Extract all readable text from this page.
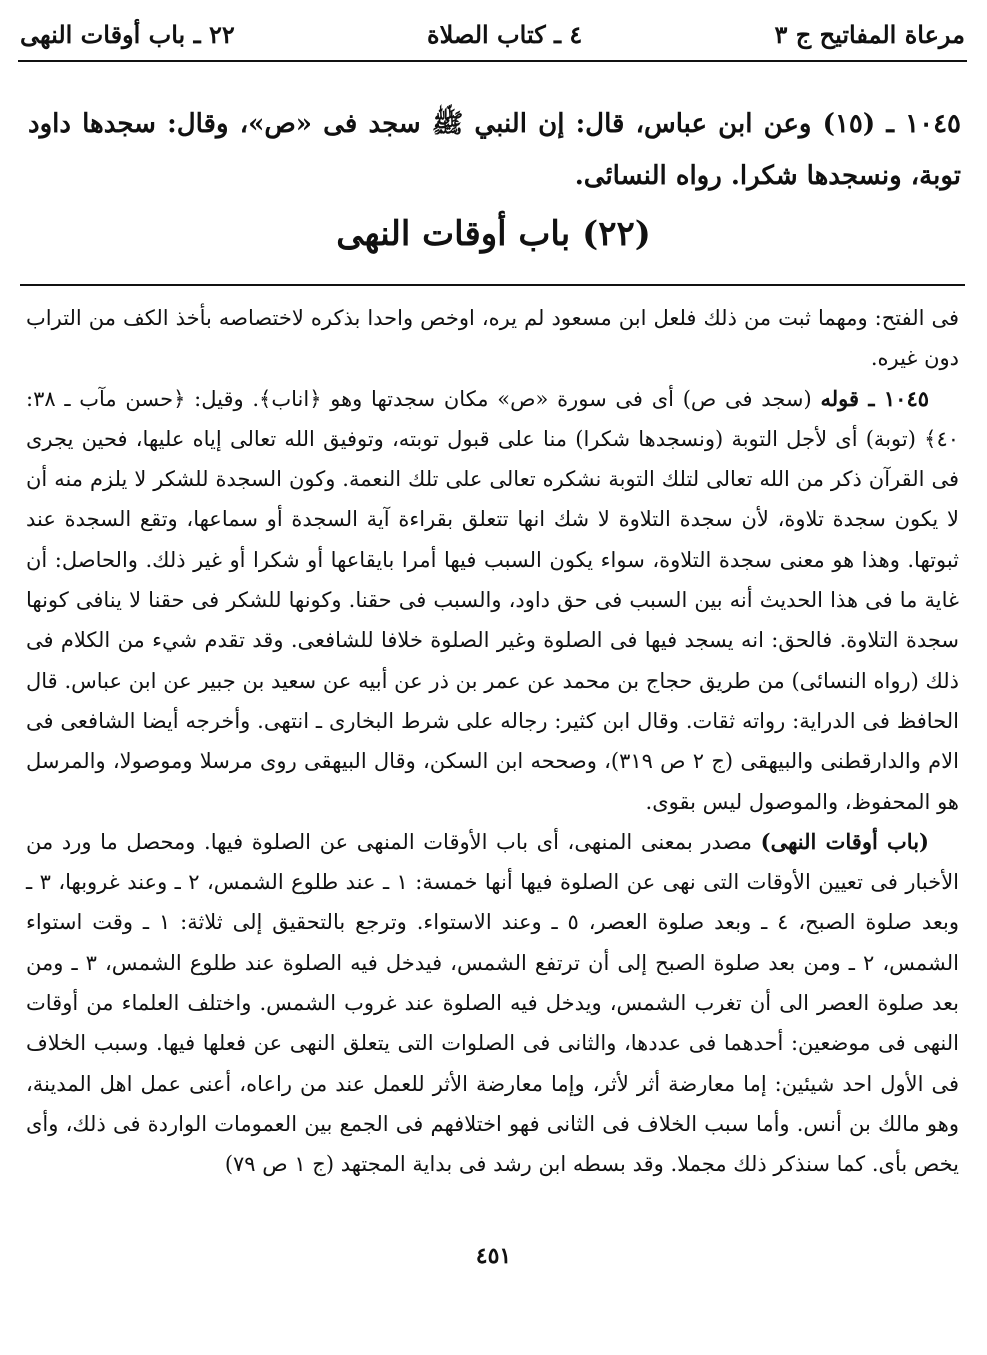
مرعاة المفاتيح ج ٣
٤ ـ كتاب الصلاة
٢٢ ـ باب أوقات النهى
١٠٤٥ ـ (١٥) وعن ابن عباس، قال: إن النبي ﷺ سجد فى «ص»، وقال: سجدها داود توبة، ونسجدها شكرا. رواه النسائى.
(٢٢) باب أوقات النهى

فى الفتح: ومهما ثبت من ذلك فلعل ابن مسعود لم يره، اوخص واحدا بذكره لاختصاصه بأخذ الكف من التراب دون غيره.

١٠٤٥ ـ قوله (سجد فى ص) أى فى سورة «ص» مكان سجدتها وهو ﴿اناب﴾. وقيل: ﴿حسن مآب ـ ٣٨: ٤٠﴾ (توبة) أى لأجل التوبة (ونسجدها شكرا) منا على قبول توبته، وتوفيق الله تعالى إياه عليها، فحين يجرى فى القرآن ذكر من الله تعالى لتلك التوبة نشكره تعالى على تلك النعمة. وكون السجدة للشكر لا يلزم منه أن لا يكون سجدة تلاوة، لأن سجدة التلاوة لا شك انها تتعلق بقراءة آية السجدة أو سماعها، وتقع السجدة عند ثبوتها. وهذا هو معنى سجدة التلاوة، سواء يكون السبب فيها أمرا بايقاعها أو شكرا أو غير ذلك. والحاصل: أن غاية ما فى هذا الحديث أنه بين السبب فى حق داود، والسبب فى حقنا. وكونها للشكر فى حقنا لا ينافى كونها سجدة التلاوة. فالحق: انه يسجد فيها فى الصلوة وغير الصلوة خلافا للشافعى. وقد تقدم شيء من الكلام فى ذلك (رواه النسائى) من طريق حجاج بن محمد عن عمر بن ذر عن أبيه عن سعيد بن جبير عن ابن عباس. قال الحافظ فى الدراية: رواته ثقات. وقال ابن كثير: رجاله على شرط البخارى ـ انتهى. وأخرجه أيضا الشافعى فى الام والدارقطنى والبيهقى (ج ٢ ص ٣١٩)، وصححه ابن السكن، وقال البيهقى روى مرسلا وموصولا، والمرسل هو المحفوظ، والموصول ليس بقوى.

(باب أوقات النهى) مصدر بمعنى المنهى، أى باب الأوقات المنهى عن الصلوة فيها. ومحصل ما ورد من الأخبار فى تعيين الأوقات التى نهى عن الصلوة فيها أنها خمسة: ١ ـ عند طلوع الشمس، ٢ ـ وعند غروبها، ٣ ـ وبعد صلوة الصبح، ٤ ـ وبعد صلوة العصر، ٥ ـ وعند الاستواء. وترجع بالتحقيق إلى ثلاثة: ١ ـ وقت استواء الشمس، ٢ ـ ومن بعد صلوة الصبح إلى أن ترتفع الشمس، فيدخل فيه الصلوة عند طلوع الشمس، ٣ ـ ومن بعد صلوة العصر الى أن تغرب الشمس، ويدخل فيه الصلوة عند غروب الشمس. واختلف العلماء من أوقات النهى فى موضعين: أحدهما فى عددها، والثانى فى الصلوات التى يتعلق النهى عن فعلها فيها. وسبب الخلاف فى الأول احد شيئين: إما معارضة أثر لأثر، وإما معارضة الأثر للعمل عند من راعاه، أعنى عمل اهل المدينة، وهو مالك بن أنس. وأما سبب الخلاف فى الثانى فهو اختلافهم فى الجمع بين العمومات الواردة فى ذلك، وأى يخص بأى. كما سنذكر ذلك مجملا. وقد بسطه ابن رشد فى بداية المجتهد (ج ١ ص ٧٩)

٤٥١
